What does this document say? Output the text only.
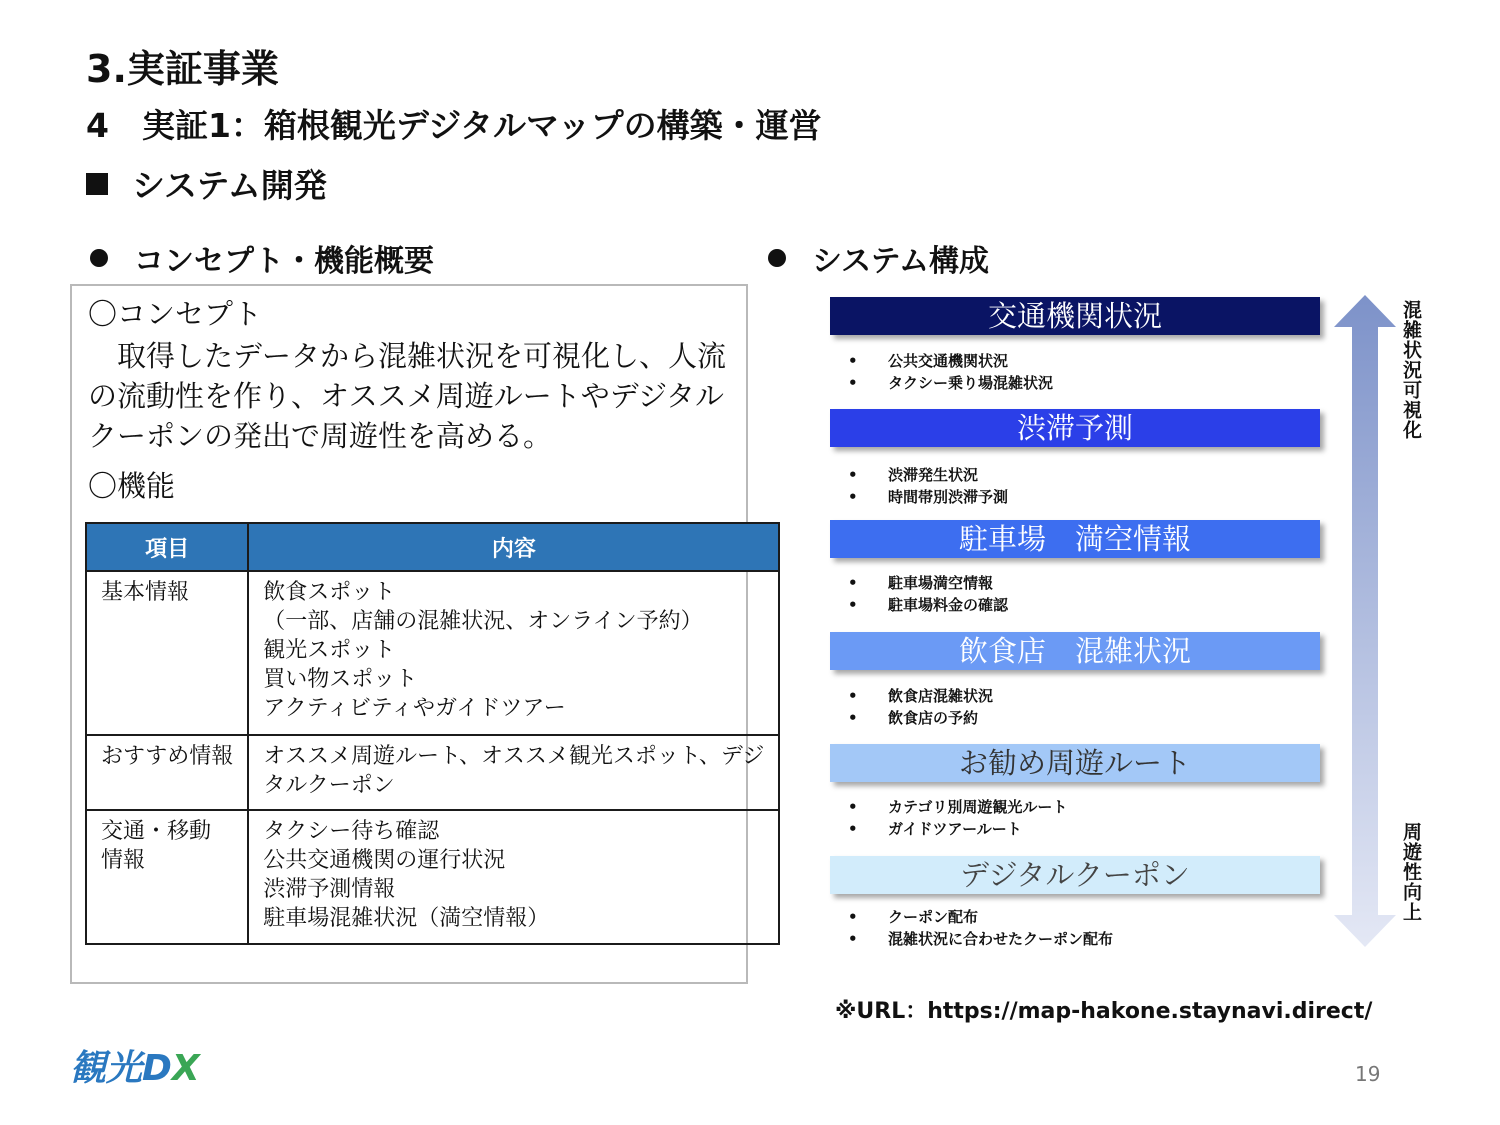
3.実証事業
4　実証1：箱根観光デジタルマップの構築・運営
システム開発
コンセプト・機能概要
〇コンセプト
　取得したデータから混雑状況を可視化し、人流
の流動性を作り、オススメ周遊ルートやデジタル
クーポンの発出で周遊性を高める。
〇機能
項目	内容

基本情報	飲食スポット
（一部、店舗の混雑状況、オンライン予約）
観光スポット
買い物スポット
アクティビティやガイドツアー

おすすめ情報	オススメ周遊ルート、オススメ観光スポット、デジ
タルクーポン

交通・移動
情報	タクシー待ち確認
公共交通機関の運行状況
渋滞予測情報
駐車場混雑状況（満空情報）
システム構成
交通機関状況
• 公共交通機関状況
• タクシー乗り場混雑状況
渋滞予測
• 渋滞発生状況
• 時間帯別渋滞予測
駐車場　満空情報
• 駐車場満空情報
• 駐車場料金の確認
飲食店　混雑状況
• 飲食店混雑状況
• 飲食店の予約
お勧め周遊ルート
• カテゴリ別周遊観光ルート
• ガイドツアールート
デジタルクーポン
• クーポン配布
• 混雑状況に合わせたクーポン配布
混雑状況可視化
周遊性向上
※URL：https://map-hakone.staynavi.direct/
観光DX	19
